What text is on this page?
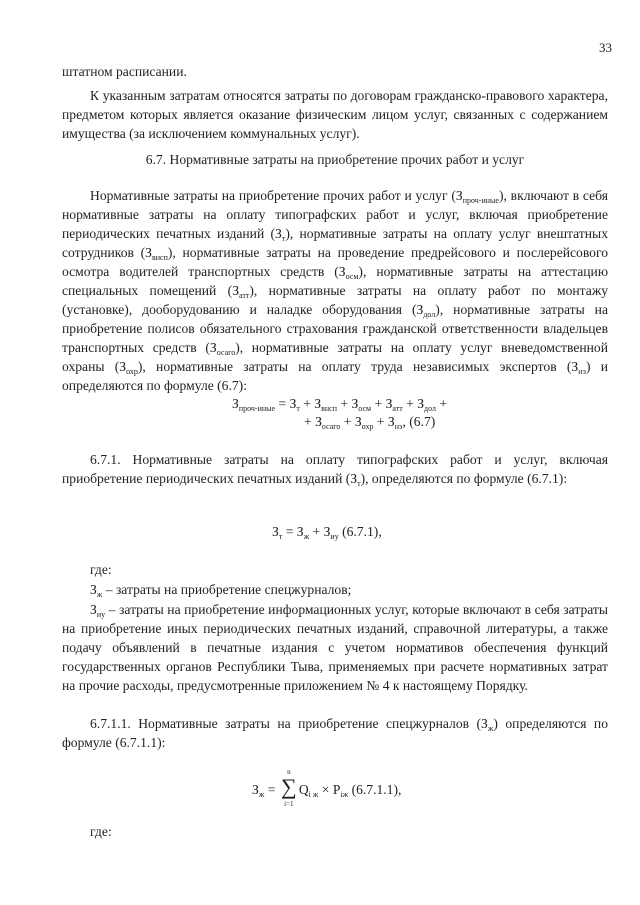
33

штатном расписании.

К указанным затратам относятся затраты по договорам гражданско-правового характера, предметом которых является оказание физическим лицом услуг, связанных с содержанием имущества (за исключением коммунальных услуг).

6.7. Нормативные затраты на приобретение прочих работ и услуг

Нормативные затраты на приобретение прочих работ и услуг $(З_{проч-иные})$, включают в себя нормативные затраты на оплату типографских работ и услуг, включая приобретение периодических печатных изданий $(З_т)$, нормативные затраты на оплату услуг внештатных сотрудников $(З_{внсп})$, нормативные затраты на проведение предрейсового и послерейсового осмотра водителей транспортных средств $(З_{осм})$, нормативные затраты на аттестацию специальных помещений $(З_{атт})$, нормативные затраты на оплату работ по монтажу (установке), дооборудованию и наладке оборудования $(З_{дол})$, нормативные затраты на приобретение полисов обязательного страхования гражданской ответственности владельцев транспортных средств $(З_{осаго})$, нормативные затраты на оплату услуг вневедомственной охраны $(З_{охр})$, нормативные затраты на оплату труда независимых экспертов $(З_{нэ})$ и определяются по формуле (6.7):

$З_{проч-иные} = З_т + З_{внсп} + З_{осм} + З_{атт} + З_{дол}$ +
+ $З_{осаго} + З_{охр} + З_{нэ}$, (6.7)

6.7.1. Нормативные затраты на оплату типографских работ и услуг, включая приобретение периодических печатных изданий $(З_т)$, определяются по формуле (6.7.1):

$З_т = З_ж + З_{иу}$ (6.7.1),

где:

$З_ж$ – затраты на приобретение спецжурналов;

$З_{иу}$ – затраты на приобретение информационных услуг, которые включают в себя затраты на приобретение иных периодических печатных изданий, справочной литературы, а также подачу объявлений в печатные издания с учетом нормативов обеспечения функций государственных органов Республики Тыва, применяемых при расчете нормативных затрат на прочие расходы, предусмотренные приложением № 4 к настоящему Порядку.

6.7.1.1. Нормативные затраты на приобретение спецжурналов $(З_ж)$ определяются по формуле (6.7.1.1):

$З_ж$ =
n
∑
i=1
$Q_{i ж} \times P_{iж}$ (6.7.1.1),

где:
